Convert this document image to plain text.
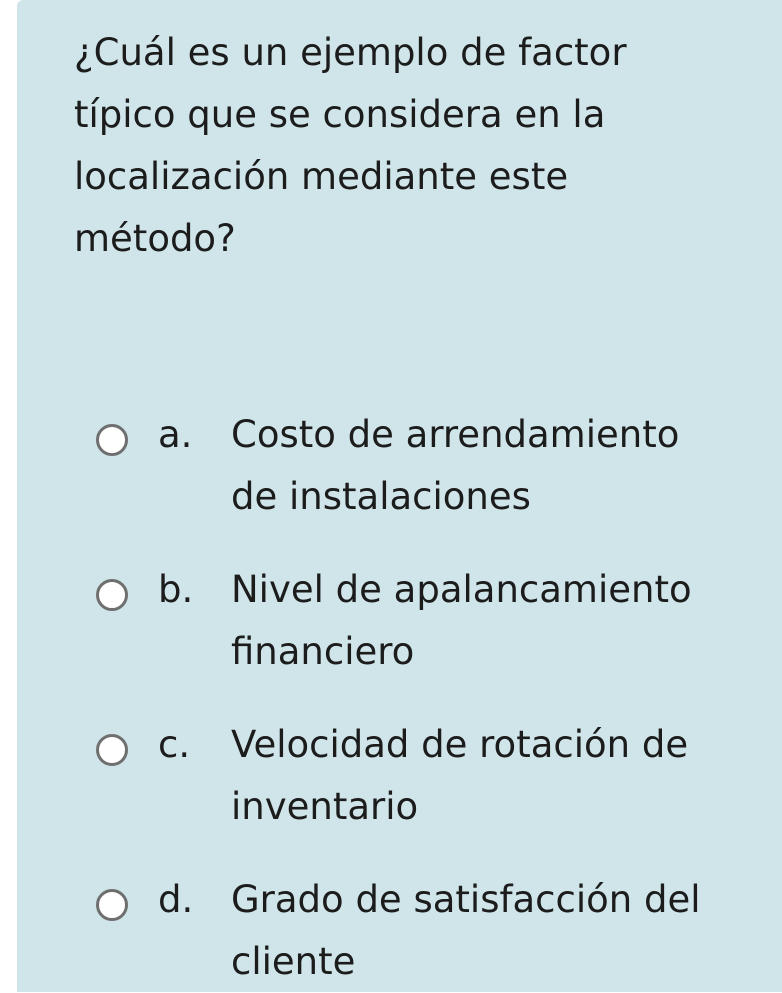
¿Cuál es un ejemplo de factor
típico que se considera en la
localización mediante este
método?
a. Costo de arrendamiento
de instalaciones
b. Nivel de apalancamiento
financiero
c. Velocidad de rotación de
inventario
d. Grado de satisfacción del
cliente
